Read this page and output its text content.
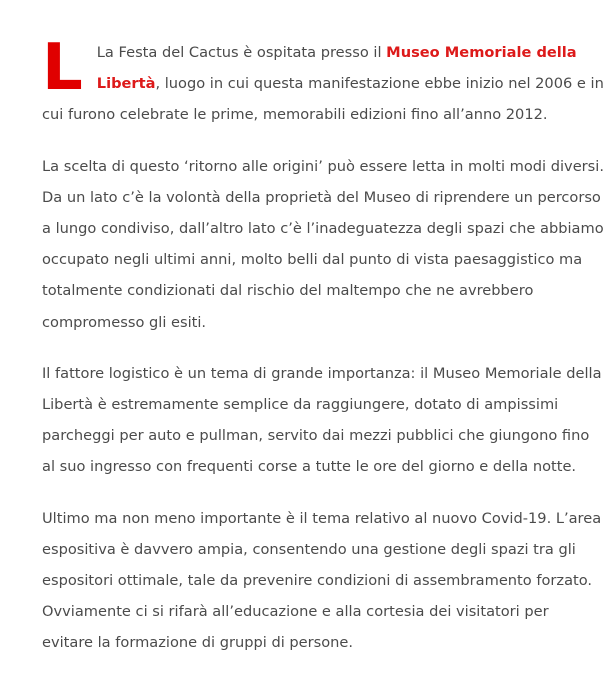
L La Festa del Cactus è ospitata presso il Museo Memoriale della Libertà, luogo in cui questa manifestazione ebbe inizio nel 2006 e in cui furono celebrate le prime, memorabili edizioni fino all’anno 2012.

La scelta di questo ‘ritorno alle origini’ può essere letta in molti modi diversi. Da un lato c’è la volontà della proprietà del Museo di riprendere un percorso a lungo condiviso, dall’altro lato c’è l’inadeguatezza degli spazi che abbiamo occupato negli ultimi anni, molto belli dal punto di vista paesaggistico ma totalmente condizionati dal rischio del maltempo che ne avrebbero compromesso gli esiti.

Il fattore logistico è un tema di grande importanza: il Museo Memoriale della Libertà è estremamente semplice da raggiungere, dotato di ampissimi parcheggi per auto e pullman, servito dai mezzi pubblici che giungono fino al suo ingresso con frequenti corse a tutte le ore del giorno e della notte.

Ultimo ma non meno importante è il tema relativo al nuovo Covid-19. L’area espositiva è davvero ampia, consentendo una gestione degli spazi tra gli espositori ottimale, tale da prevenire condizioni di assembramento forzato. Ovviamente ci si rifarà all’educazione e alla cortesia dei visitatori per evitare la formazione di gruppi di persone.
